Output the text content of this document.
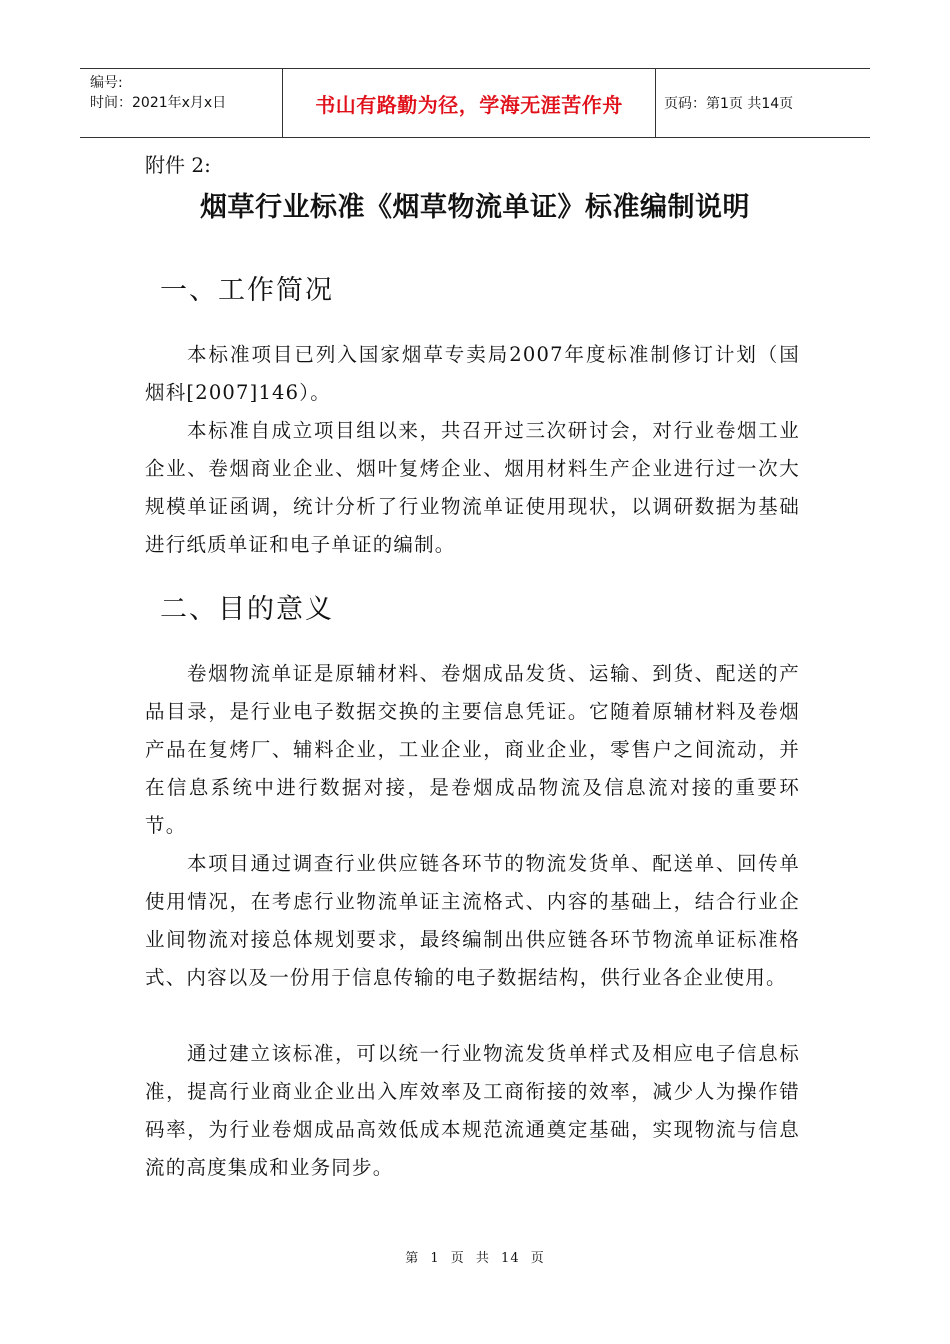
编号:
时间：2021年x月x日	书山有路勤为径，学海无涯苦作舟	页码：第1页 共14页
附件 2:
烟草行业标准《烟草物流单证》标准编制说明
一、工作简况

本标准项目已列入国家烟草专卖局2007年度标准制修订计划（国烟科[2007]146）。

本标准自成立项目组以来，共召开过三次研讨会，对行业卷烟工业企业、卷烟商业企业、烟叶复烤企业、烟用材料生产企业进行过一次大规模单证函调，统计分析了行业物流单证使用现状，以调研数据为基础进行纸质单证和电子单证的编制。

二、目的意义

卷烟物流单证是原辅材料、卷烟成品发货、运输、到货、配送的产品目录，是行业电子数据交换的主要信息凭证。它随着原辅材料及卷烟产品在复烤厂、辅料企业，工业企业，商业企业，零售户之间流动，并在信息系统中进行数据对接，是卷烟成品物流及信息流对接的重要环节。

本项目通过调查行业供应链各环节的物流发货单、配送单、回传单使用情况，在考虑行业物流单证主流格式、内容的基础上，结合行业企业间物流对接总体规划要求，最终编制出供应链各环节物流单证标准格式、内容以及一份用于信息传输的电子数据结构，供行业各企业使用。

通过建立该标准，可以统一行业物流发货单样式及相应电子信息标准，提高行业商业企业出入库效率及工商衔接的效率，减少人为操作错码率，为行业卷烟成品高效低成本规范流通奠定基础，实现物流与信息流的高度集成和业务同步。

第 1 页 共 14 页
